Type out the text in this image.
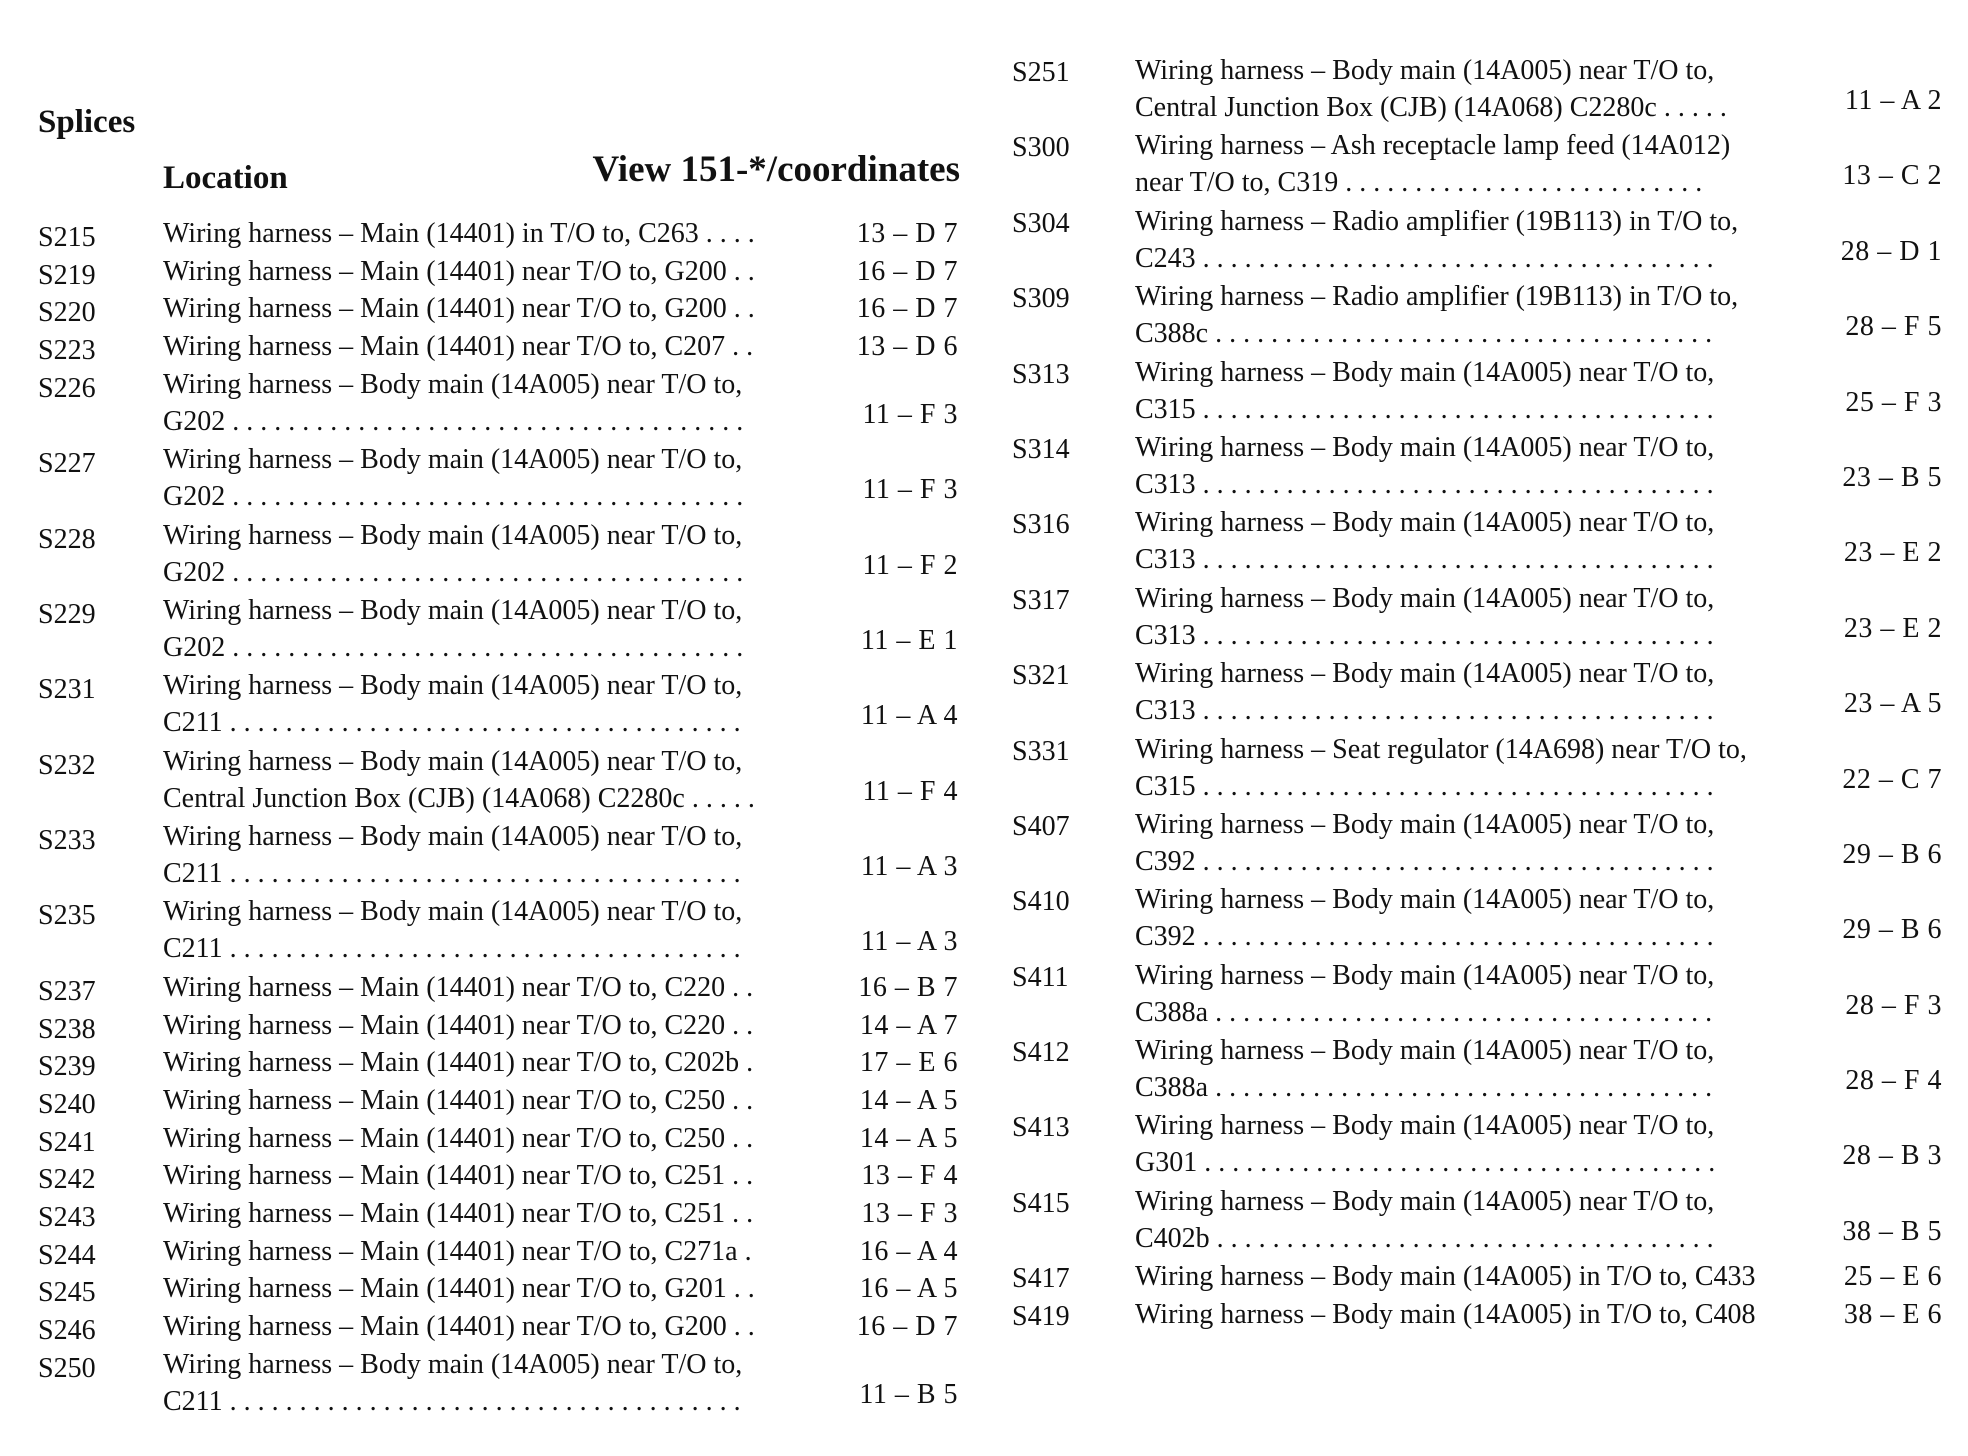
Splices
Location	View 151-*/coordinates
S215 Wiring harness – Main (14401) in T/O to, C263 . . . .	13 – D 7
S219 Wiring harness – Main (14401) near T/O to, G200 . .	16 – D 7
S220 Wiring harness – Main (14401) near T/O to, G200 . .	16 – D 7
S223 Wiring harness – Main (14401) near T/O to, C207 . .	13 – D 6
S226 Wiring harness – Body main (14A005) near T/O to,
G202 . . . . . . . . . . . . . . . . . . . . . . . . . . . . . . . . . . . . .	11 – F 3
S227 Wiring harness – Body main (14A005) near T/O to,
G202 . . . . . . . . . . . . . . . . . . . . . . . . . . . . . . . . . . . . .	11 – F 3
S228 Wiring harness – Body main (14A005) near T/O to,
G202 . . . . . . . . . . . . . . . . . . . . . . . . . . . . . . . . . . . . .	11 – F 2
S229 Wiring harness – Body main (14A005) near T/O to,
G202 . . . . . . . . . . . . . . . . . . . . . . . . . . . . . . . . . . . . .	11 – E 1
S231 Wiring harness – Body main (14A005) near T/O to,
C211 . . . . . . . . . . . . . . . . . . . . . . . . . . . . . . . . . . . . .	11 – A 4
S232 Wiring harness – Body main (14A005) near T/O to,
Central Junction Box (CJB) (14A068) C2280c . . . . .	11 – F 4
S233 Wiring harness – Body main (14A005) near T/O to,
C211 . . . . . . . . . . . . . . . . . . . . . . . . . . . . . . . . . . . . .	11 – A 3
S235 Wiring harness – Body main (14A005) near T/O to,
C211 . . . . . . . . . . . . . . . . . . . . . . . . . . . . . . . . . . . . .	11 – A 3
S237 Wiring harness – Main (14401) near T/O to, C220 . .	16 – B 7
S238 Wiring harness – Main (14401) near T/O to, C220 . .	14 – A 7
S239 Wiring harness – Main (14401) near T/O to, C202b .	17 – E 6
S240 Wiring harness – Main (14401) near T/O to, C250 . .	14 – A 5
S241 Wiring harness – Main (14401) near T/O to, C250 . .	14 – A 5
S242 Wiring harness – Main (14401) near T/O to, C251 . .	13 – F 4
S243 Wiring harness – Main (14401) near T/O to, C251 . .	13 – F 3
S244 Wiring harness – Main (14401) near T/O to, C271a .	16 – A 4
S245 Wiring harness – Main (14401) near T/O to, G201 . .	16 – A 5
S246 Wiring harness – Main (14401) near T/O to, G200 . .	16 – D 7
S250 Wiring harness – Body main (14A005) near T/O to,
C211 . . . . . . . . . . . . . . . . . . . . . . . . . . . . . . . . . . . . .	11 – B 5
S251 Wiring harness – Body main (14A005) near T/O to,
Central Junction Box (CJB) (14A068) C2280c . . . . .	11 – A 2
S300 Wiring harness – Ash receptacle lamp feed (14A012)
near T/O to, C319 . . . . . . . . . . . . . . . . . . . . . . . . . .	13 – C 2
S304 Wiring harness – Radio amplifier (19B113) in T/O to,
C243 . . . . . . . . . . . . . . . . . . . . . . . . . . . . . . . . . . . . .	28 – D 1
S309 Wiring harness – Radio amplifier (19B113) in T/O to,
C388c . . . . . . . . . . . . . . . . . . . . . . . . . . . . . . . . . . . .	28 – F 5
S313 Wiring harness – Body main (14A005) near T/O to,
C315 . . . . . . . . . . . . . . . . . . . . . . . . . . . . . . . . . . . . .	25 – F 3
S314 Wiring harness – Body main (14A005) near T/O to,
C313 . . . . . . . . . . . . . . . . . . . . . . . . . . . . . . . . . . . . .	23 – B 5
S316 Wiring harness – Body main (14A005) near T/O to,
C313 . . . . . . . . . . . . . . . . . . . . . . . . . . . . . . . . . . . . .	23 – E 2
S317 Wiring harness – Body main (14A005) near T/O to,
C313 . . . . . . . . . . . . . . . . . . . . . . . . . . . . . . . . . . . . .	23 – E 2
S321 Wiring harness – Body main (14A005) near T/O to,
C313 . . . . . . . . . . . . . . . . . . . . . . . . . . . . . . . . . . . . .	23 – A 5
S331 Wiring harness – Seat regulator (14A698) near T/O to,
C315 . . . . . . . . . . . . . . . . . . . . . . . . . . . . . . . . . . . . .	22 – C 7
S407 Wiring harness – Body main (14A005) near T/O to,
C392 . . . . . . . . . . . . . . . . . . . . . . . . . . . . . . . . . . . . .	29 – B 6
S410 Wiring harness – Body main (14A005) near T/O to,
C392 . . . . . . . . . . . . . . . . . . . . . . . . . . . . . . . . . . . . .	29 – B 6
S411 Wiring harness – Body main (14A005) near T/O to,
C388a . . . . . . . . . . . . . . . . . . . . . . . . . . . . . . . . . . . .	28 – F 3
S412 Wiring harness – Body main (14A005) near T/O to,
C388a . . . . . . . . . . . . . . . . . . . . . . . . . . . . . . . . . . . .	28 – F 4
S413 Wiring harness – Body main (14A005) near T/O to,
G301 . . . . . . . . . . . . . . . . . . . . . . . . . . . . . . . . . . . . .	28 – B 3
S415 Wiring harness – Body main (14A005) near T/O to,
C402b . . . . . . . . . . . . . . . . . . . . . . . . . . . . . . . . . . . .	38 – B 5
S417 Wiring harness – Body main (14A005) in T/O to, C433	25 – E 6
S419 Wiring harness – Body main (14A005) in T/O to, C408	38 – E 6
